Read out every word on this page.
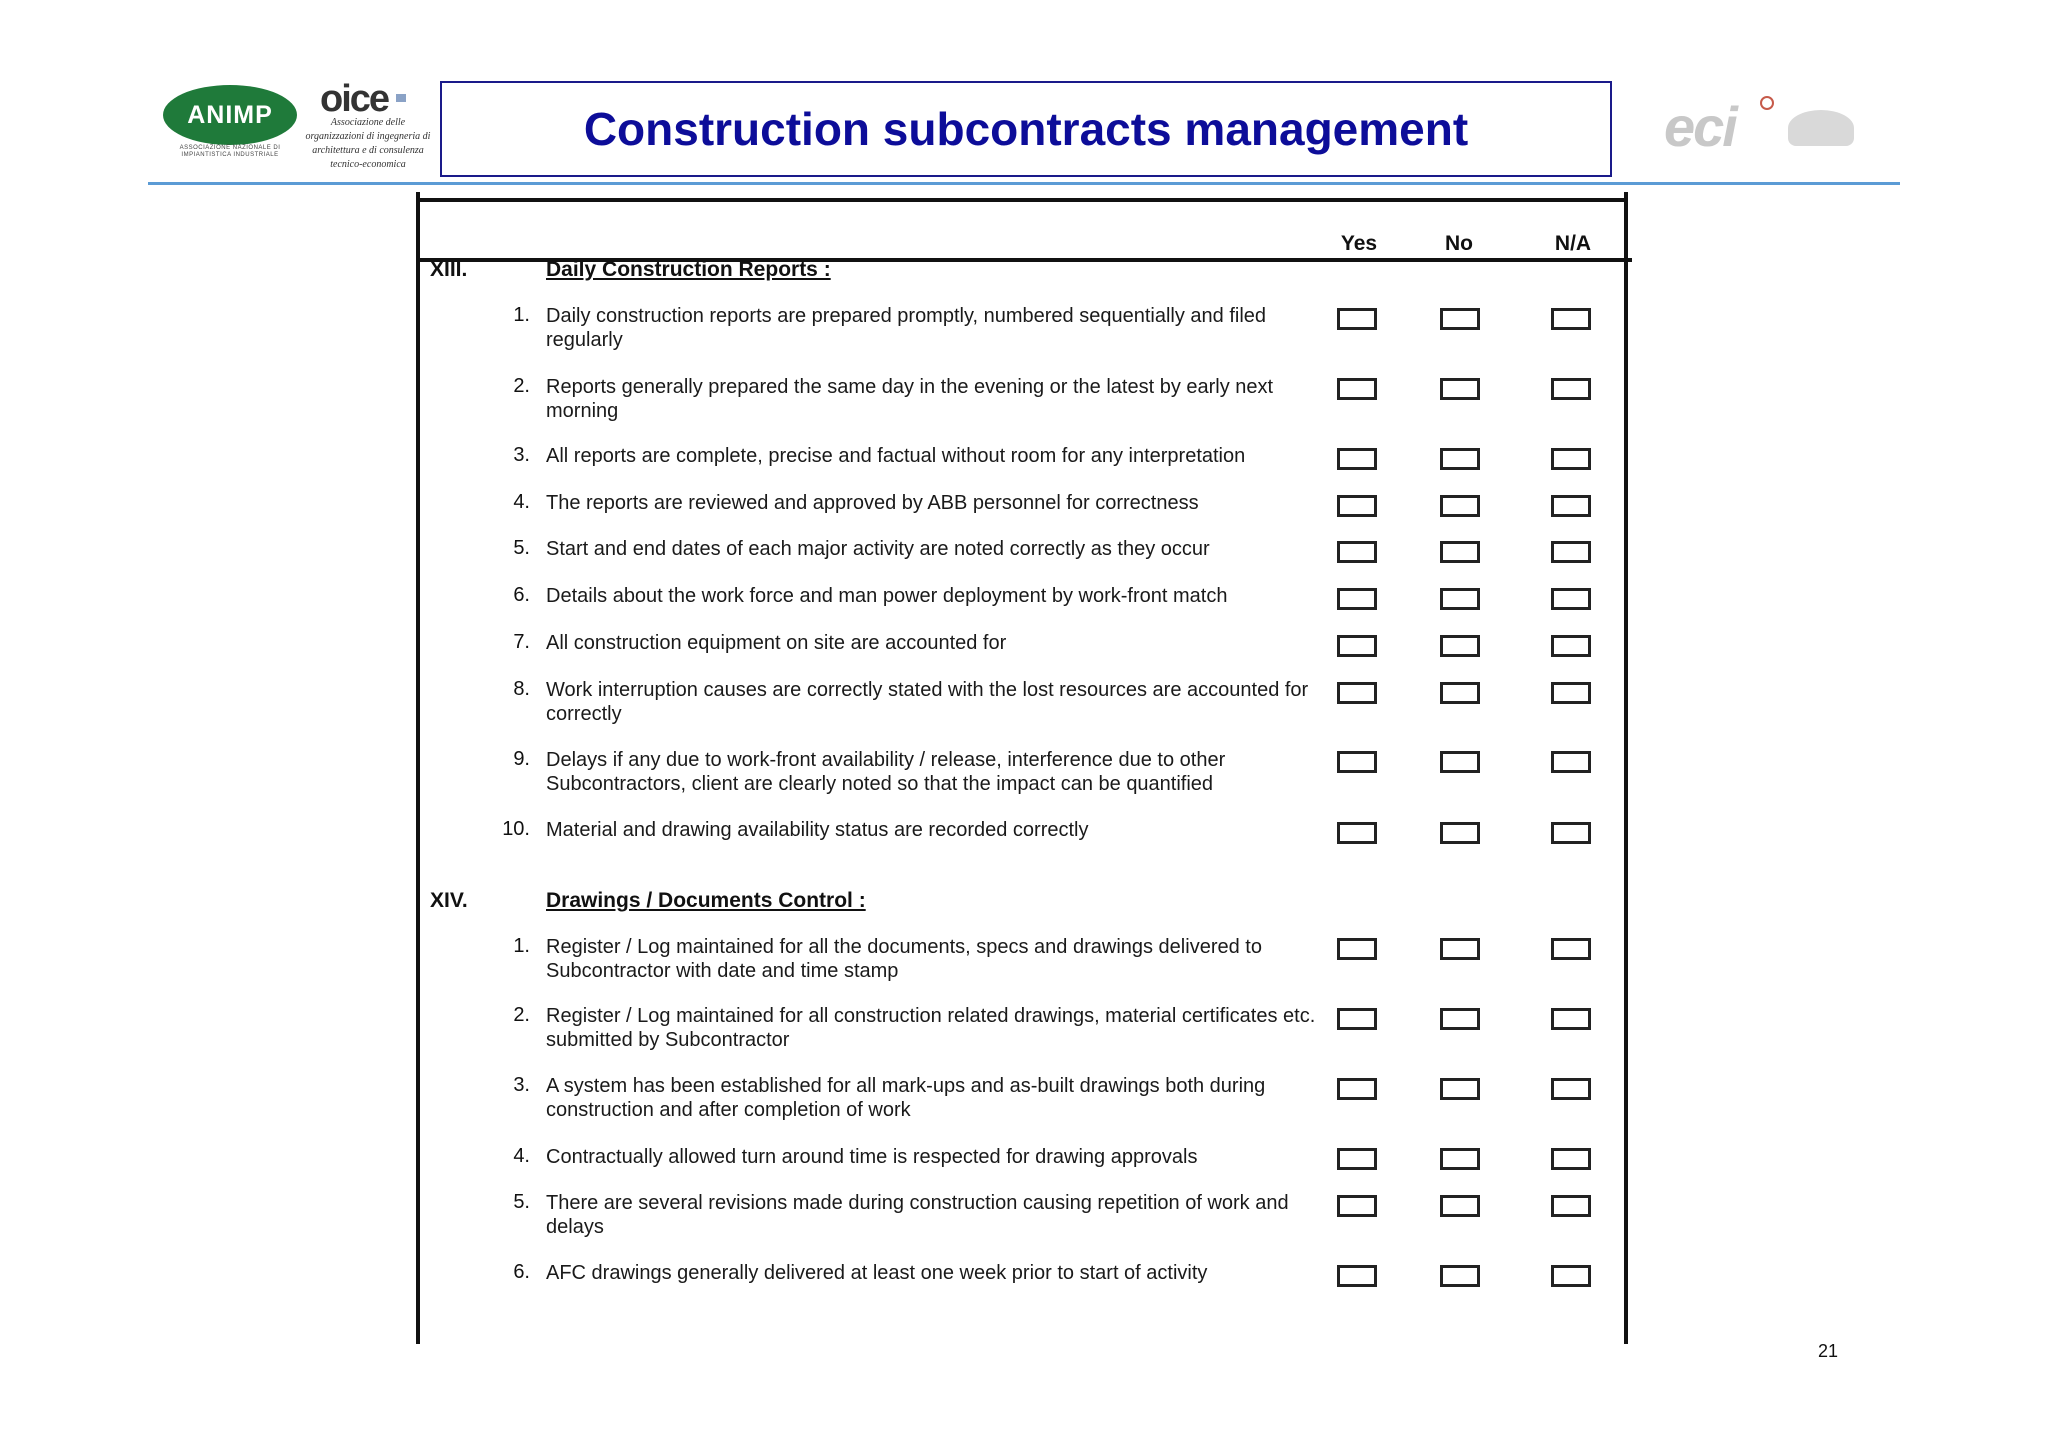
ANIMP
ASSOCIAZIONE NAZIONALE DI IMPIANTISTICA INDUSTRIALE
oice
Associazione delle organizzazioni di ingegneria di architettura e di consulenza tecnico-economica
Construction subcontracts management	eci
Yes	No	N/A
XIII.	Daily Construction Reports :
1. Daily construction reports are prepared promptly, numbered sequentially and filed regularly
2. Reports generally prepared the same day in the evening or the latest by early next morning
3. All reports are complete, precise and factual without room for any interpretation
4. The reports are reviewed and approved by ABB personnel for correctness
5. Start and end dates of each major activity are noted correctly as they occur
6. Details about the work force and man power deployment by work-front match
7. All construction equipment on site are accounted for
8. Work interruption causes are correctly stated with the lost resources are accounted for correctly
9. Delays if any due to work-front availability / release, interference due to other Subcontractors, client are clearly noted so that the impact can be quantified
10. Material and drawing availability status are recorded correctly
XIV.	Drawings / Documents Control :
1. Register / Log maintained for all the documents, specs and drawings delivered to Subcontractor with date and time stamp
2. Register / Log maintained for all construction related drawings, material certificates etc. submitted by Subcontractor
3. A system has been established for all mark-ups and as-built drawings both during construction and after completion of work
4. Contractually allowed turn around time is respected for drawing approvals
5. There are several revisions made during construction causing repetition of work and delays
6. AFC drawings generally delivered at least one week prior to start of activity
21
